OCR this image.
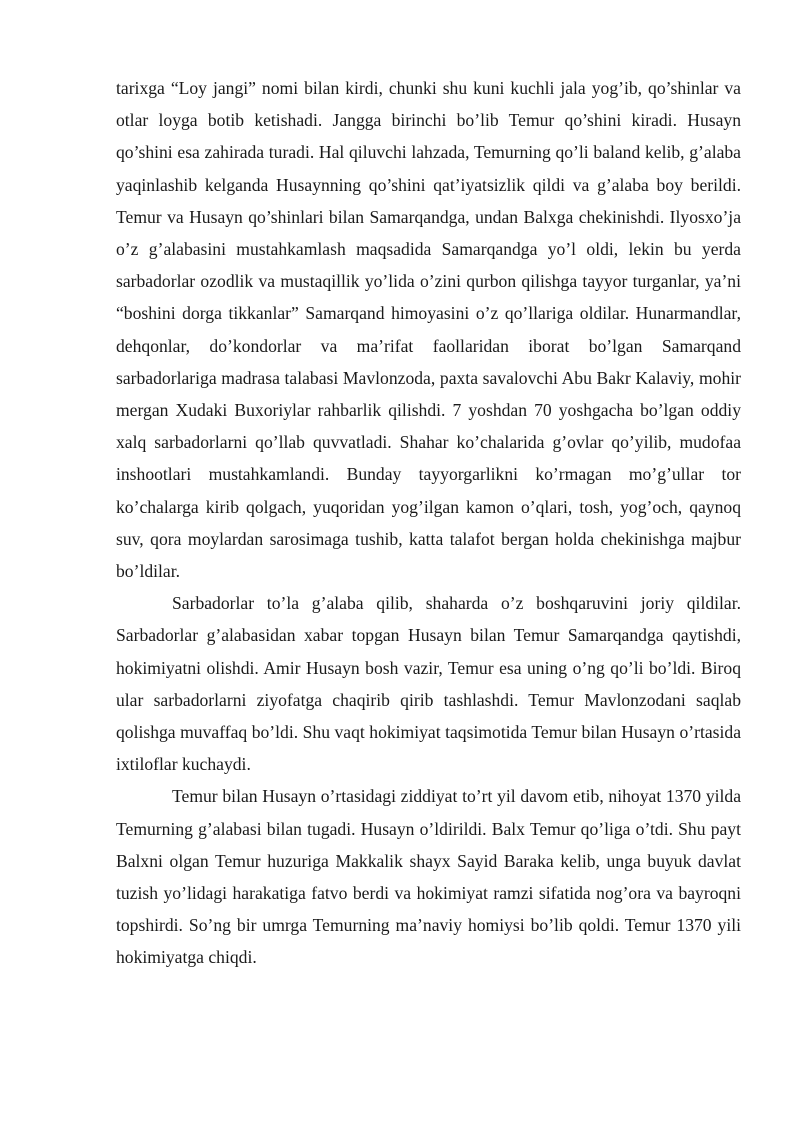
tarixga “Loy jangi” nomi bilan kirdi, chunki shu kuni kuchli jala yog’ib, qo’shinlar va otlar loyga botib ketishadi. Jangga birinchi bo’lib Temur qo’shini kiradi. Husayn qo’shini esa zahirada turadi. Hal qiluvchi lahzada, Temurning qo’li baland kelib, g’alaba yaqinlashib kelganda Husaynning qo’shini qat’iyatsizlik qildi va g’alaba boy berildi. Temur va Husayn qo’shinlari bilan Samarqandga, undan Balxga chekinishdi. Ilyosxo’ja o’z g’alabasini mustahkamlash maqsadida Samarqandga yo’l oldi, lekin bu yerda sarbadorlar ozodlik va mustaqillik yo’lida o’zini qurbon qilishga tayyor turganlar, ya’ni “boshini dorga tikkanlar” Samarqand himoyasini o’z qo’llariga oldilar. Hunarmandlar, dehqonlar, do’kondorlar va ma’rifat faollaridan iborat bo’lgan Samarqand sarbadorlariga madrasa talabasi Mavlonzoda, paxta savalovchi Abu Bakr Kalaviy, mohir mergan Xudaki Buxoriylar rahbarlik qilishdi. 7 yoshdan 70 yoshgacha bo’lgan oddiy xalq sarbadorlarni qo’llab quvvatladi. Shahar ko’chalarida g’ovlar qo’yilib, mudofaa inshootlari mustahkamlandi. Bunday tayyorgarlikni ko’rmagan mo’g’ullar tor ko’chalarga kirib qolgach, yuqoridan yog’ilgan kamon o’qlari, tosh, yog’och, qaynoq suv, qora moylardan sarosimaga tushib, katta talafot bergan holda chekinishga majbur bo’ldilar.

Sarbadorlar to’la g’alaba qilib, shaharda o’z boshqaruvini joriy qildilar. Sarbadorlar g’alabasidan xabar topgan Husayn bilan Temur Samarqandga qaytishdi, hokimiyatni olishdi. Amir Husayn bosh vazir, Temur esa uning o’ng qo’li bo’ldi. Biroq ular sarbadorlarni ziyofatga chaqirib qirib tashlashdi. Temur Mavlonzodani saqlab qolishga muvaffaq bo’ldi. Shu vaqt hokimiyat taqsimotida Temur bilan Husayn o’rtasida ixtiloflar kuchaydi.

Temur bilan Husayn o’rtasidagi ziddiyat to’rt yil davom etib, nihoyat 1370 yilda Temurning g’alabasi bilan tugadi. Husayn o’ldirildi. Balx Temur qo’liga o’tdi. Shu payt Balxni olgan Temur huzuriga Makkalik shayx Sayid Baraka kelib, unga buyuk davlat tuzish yo’lidagi harakatiga fatvo berdi va hokimiyat ramzi sifatida nog’ora va bayroqni topshirdi. So’ng bir umrga Temurning ma’naviy homiysi bo’lib qoldi. Temur 1370 yili hokimiyatga chiqdi.
